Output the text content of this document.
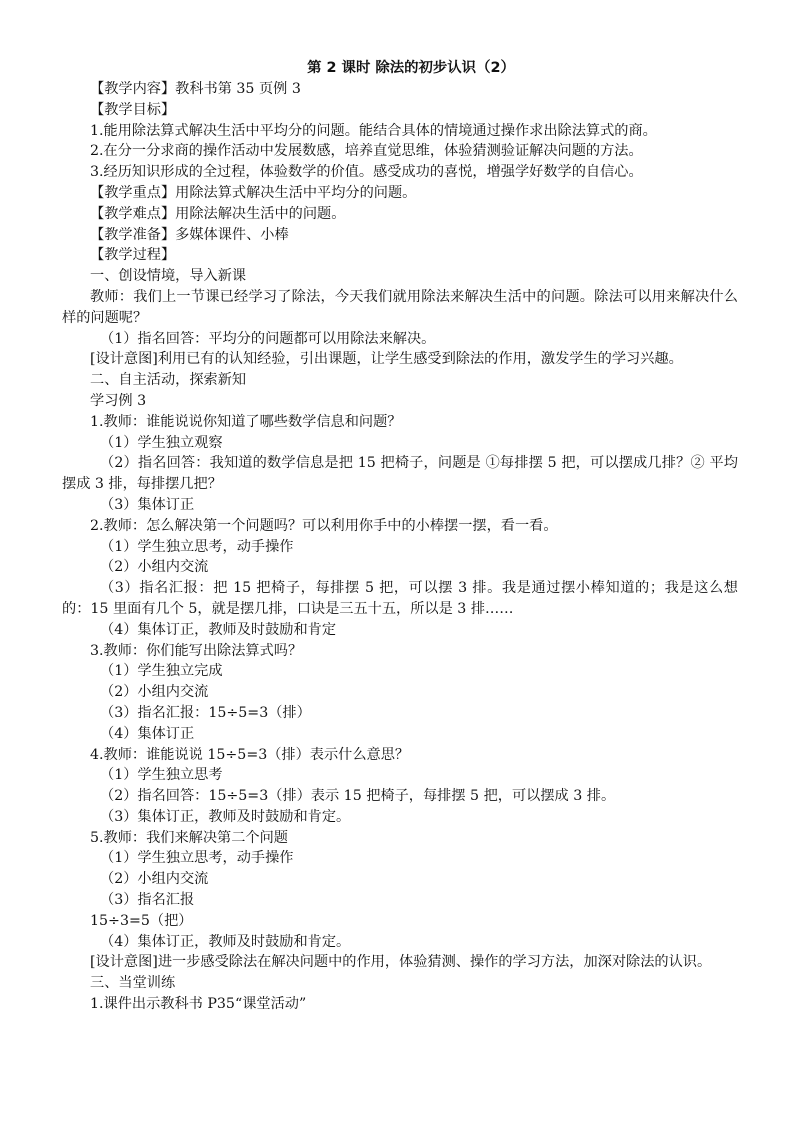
第 2 课时 除法的初步认识（2）
【教学内容】教科书第 35 页例 3
【教学目标】
1.能用除法算式解决生活中平均分的问题。能结合具体的情境通过操作求出除法算式的商。
2.在分一分求商的操作活动中发展数感，培养直觉思维，体验猜测验证解决问题的方法。
3.经历知识形成的全过程，体验数学的价值。感受成功的喜悦，增强学好数学的自信心。
【教学重点】用除法算式解决生活中平均分的问题。
【教学难点】用除法解决生活中的问题。
【教学准备】多媒体课件、小棒
【教学过程】
一、创设情境，导入新课
教师：我们上一节课已经学习了除法，今天我们就用除法来解决生活中的问题。除法可以用来解决什么样的问题呢？
（1）指名回答：平均分的问题都可以用除法来解决。
[设计意图]利用已有的认知经验，引出课题，让学生感受到除法的作用，激发学生的学习兴趣。
二、自主活动，探索新知
学习例 3
1.教师：谁能说说你知道了哪些数学信息和问题？
（1）学生独立观察
（2）指名回答：我知道的数学信息是把 15 把椅子，问题是 ①每排摆 5 把，可以摆成几排？② 平均摆成 3 排，每排摆几把？
（3）集体订正
2.教师：怎么解决第一个问题吗？可以利用你手中的小棒摆一摆，看一看。
（1）学生独立思考，动手操作
（2）小组内交流
（3）指名汇报：把 15 把椅子，每排摆 5 把，可以摆 3 排。我是通过摆小棒知道的；我是这么想的：15 里面有几个 5，就是摆几排，口诀是三五十五，所以是 3 排……
（4）集体订正，教师及时鼓励和肯定
3.教师：你们能写出除法算式吗？
（1）学生独立完成
（2）小组内交流
（3）指名汇报：15÷5=3（排）
（4）集体订正
4.教师：谁能说说 15÷5=3（排）表示什么意思？
（1）学生独立思考
（2）指名回答：15÷5=3（排）表示 15 把椅子，每排摆 5 把，可以摆成 3 排。
（3）集体订正，教师及时鼓励和肯定。
5.教师：我们来解决第二个问题
（1）学生独立思考，动手操作
（2）小组内交流
（3）指名汇报
15÷3=5（把）
（4）集体订正，教师及时鼓励和肯定。
[设计意图]进一步感受除法在解决问题中的作用，体验猜测、操作的学习方法，加深对除法的认识。
三、当堂训练
1.课件出示教科书 P35“课堂活动”
